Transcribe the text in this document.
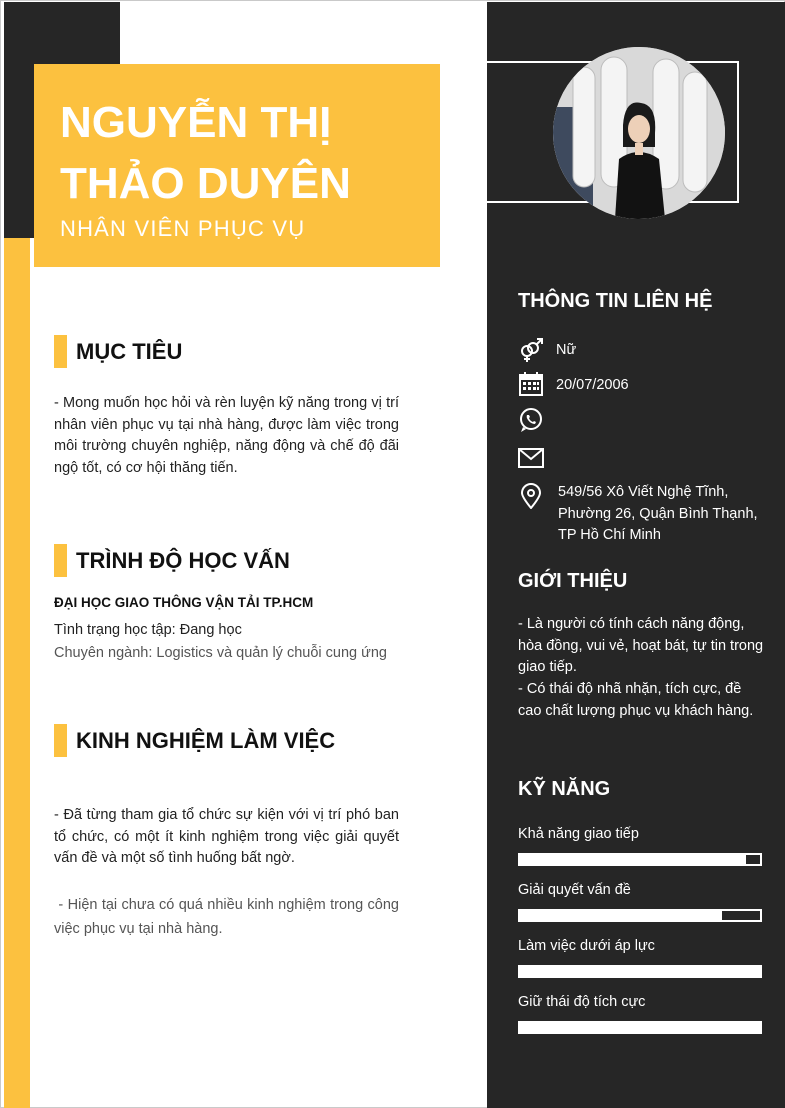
NGUYỄN THỊ THẢO DUYÊN
NHÂN VIÊN PHỤC VỤ
MỤC TIÊU
- Mong muốn học hỏi và rèn luyện kỹ năng trong vị trí nhân viên phục vụ tại nhà hàng, được làm việc trong môi trường chuyên nghiệp, năng động và chế độ đãi ngộ tốt, có cơ hội thăng tiến.
TRÌNH ĐỘ HỌC VẤN
ĐẠI HỌC GIAO THÔNG VẬN TẢI TP.HCM
Tình trạng học tập: Đang học
Chuyên ngành: Logistics và quản lý chuỗi cung ứng
KINH NGHIỆM LÀM VIỆC
- Đã từng tham gia tổ chức sự kiện với vị trí phó ban tổ chức, có một ít kinh nghiệm trong việc giải quyết vấn đề và một số tình huống bất ngờ.
- Hiện tại chưa có quá nhiều kinh nghiệm trong công việc phục vụ tại nhà hàng.
THÔNG TIN LIÊN HỆ
Nữ
20/07/2006
549/56 Xô Viết Nghệ Tĩnh, Phường 26, Quận Bình Thạnh, TP Hồ Chí Minh
GIỚI THIỆU
- Là người có tính cách năng động, hòa đồng, vui vẻ, hoạt bát, tự tin trong giao tiếp.
- Có thái độ nhã nhặn, tích cực, đề cao chất lượng phục vụ khách hàng.
KỸ NĂNG
Khả năng giao tiếp
Giải quyết vấn đề
Làm việc dưới áp lực
Giữ thái độ tích cực
